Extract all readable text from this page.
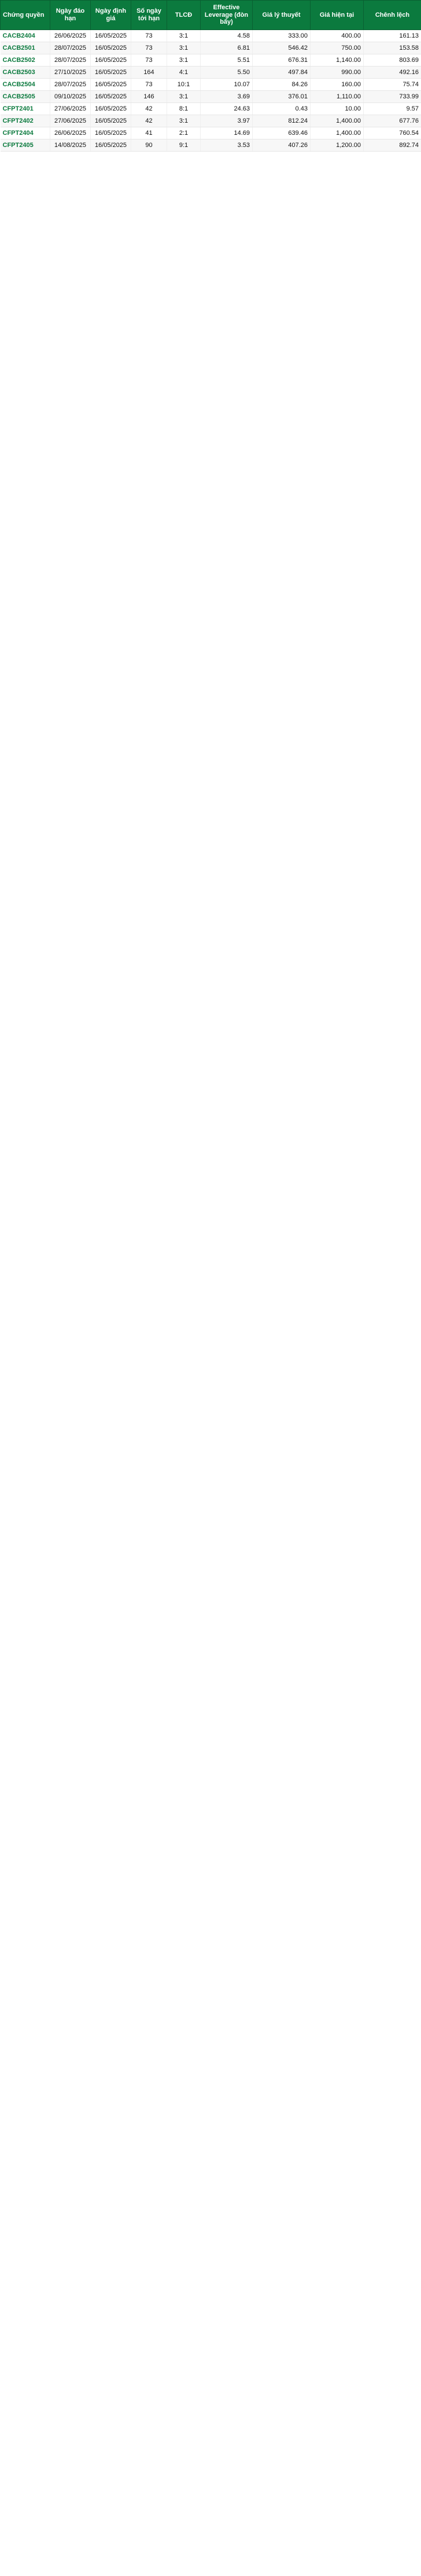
Chứng quyền	Ngày đáo hạn	Ngày định giá	Số ngày tới hạn	TLCĐ	Effective Leverage (đòn bẩy)	Giá lý thuyết	Giá hiện tại	Chênh lệch
CACB2404	26/06/2025	16/05/2025	73	3:1	4.58	333.00	400.00	161.13
CACB2501	28/07/2025	16/05/2025	73	3:1	6.81	546.42	750.00	153.58
CACB2502	28/07/2025	16/05/2025	73	3:1	5.51	676.31	1,140.00	803.69
CACB2503	27/10/2025	16/05/2025	164	4:1	5.50	497.84	990.00	492.16
CACB2504	28/07/2025	16/05/2025	73	10:1	10.07	84.26	160.00	75.74
CACB2505	09/10/2025	16/05/2025	146	3:1	3.69	376.01	1,110.00	733.99
CFPT2401	27/06/2025	16/05/2025	42	8:1	24.63	0.43	10.00	9.57
CFPT2402	27/06/2025	16/05/2025	42	3:1	3.97	812.24	1,400.00	677.76
CFPT2404	26/06/2025	16/05/2025	41	2:1	14.69	639.46	1,400.00	760.54
CFPT2405	14/08/2025	16/05/2025	90	9:1	3.53	407.26	1,200.00	892.74
